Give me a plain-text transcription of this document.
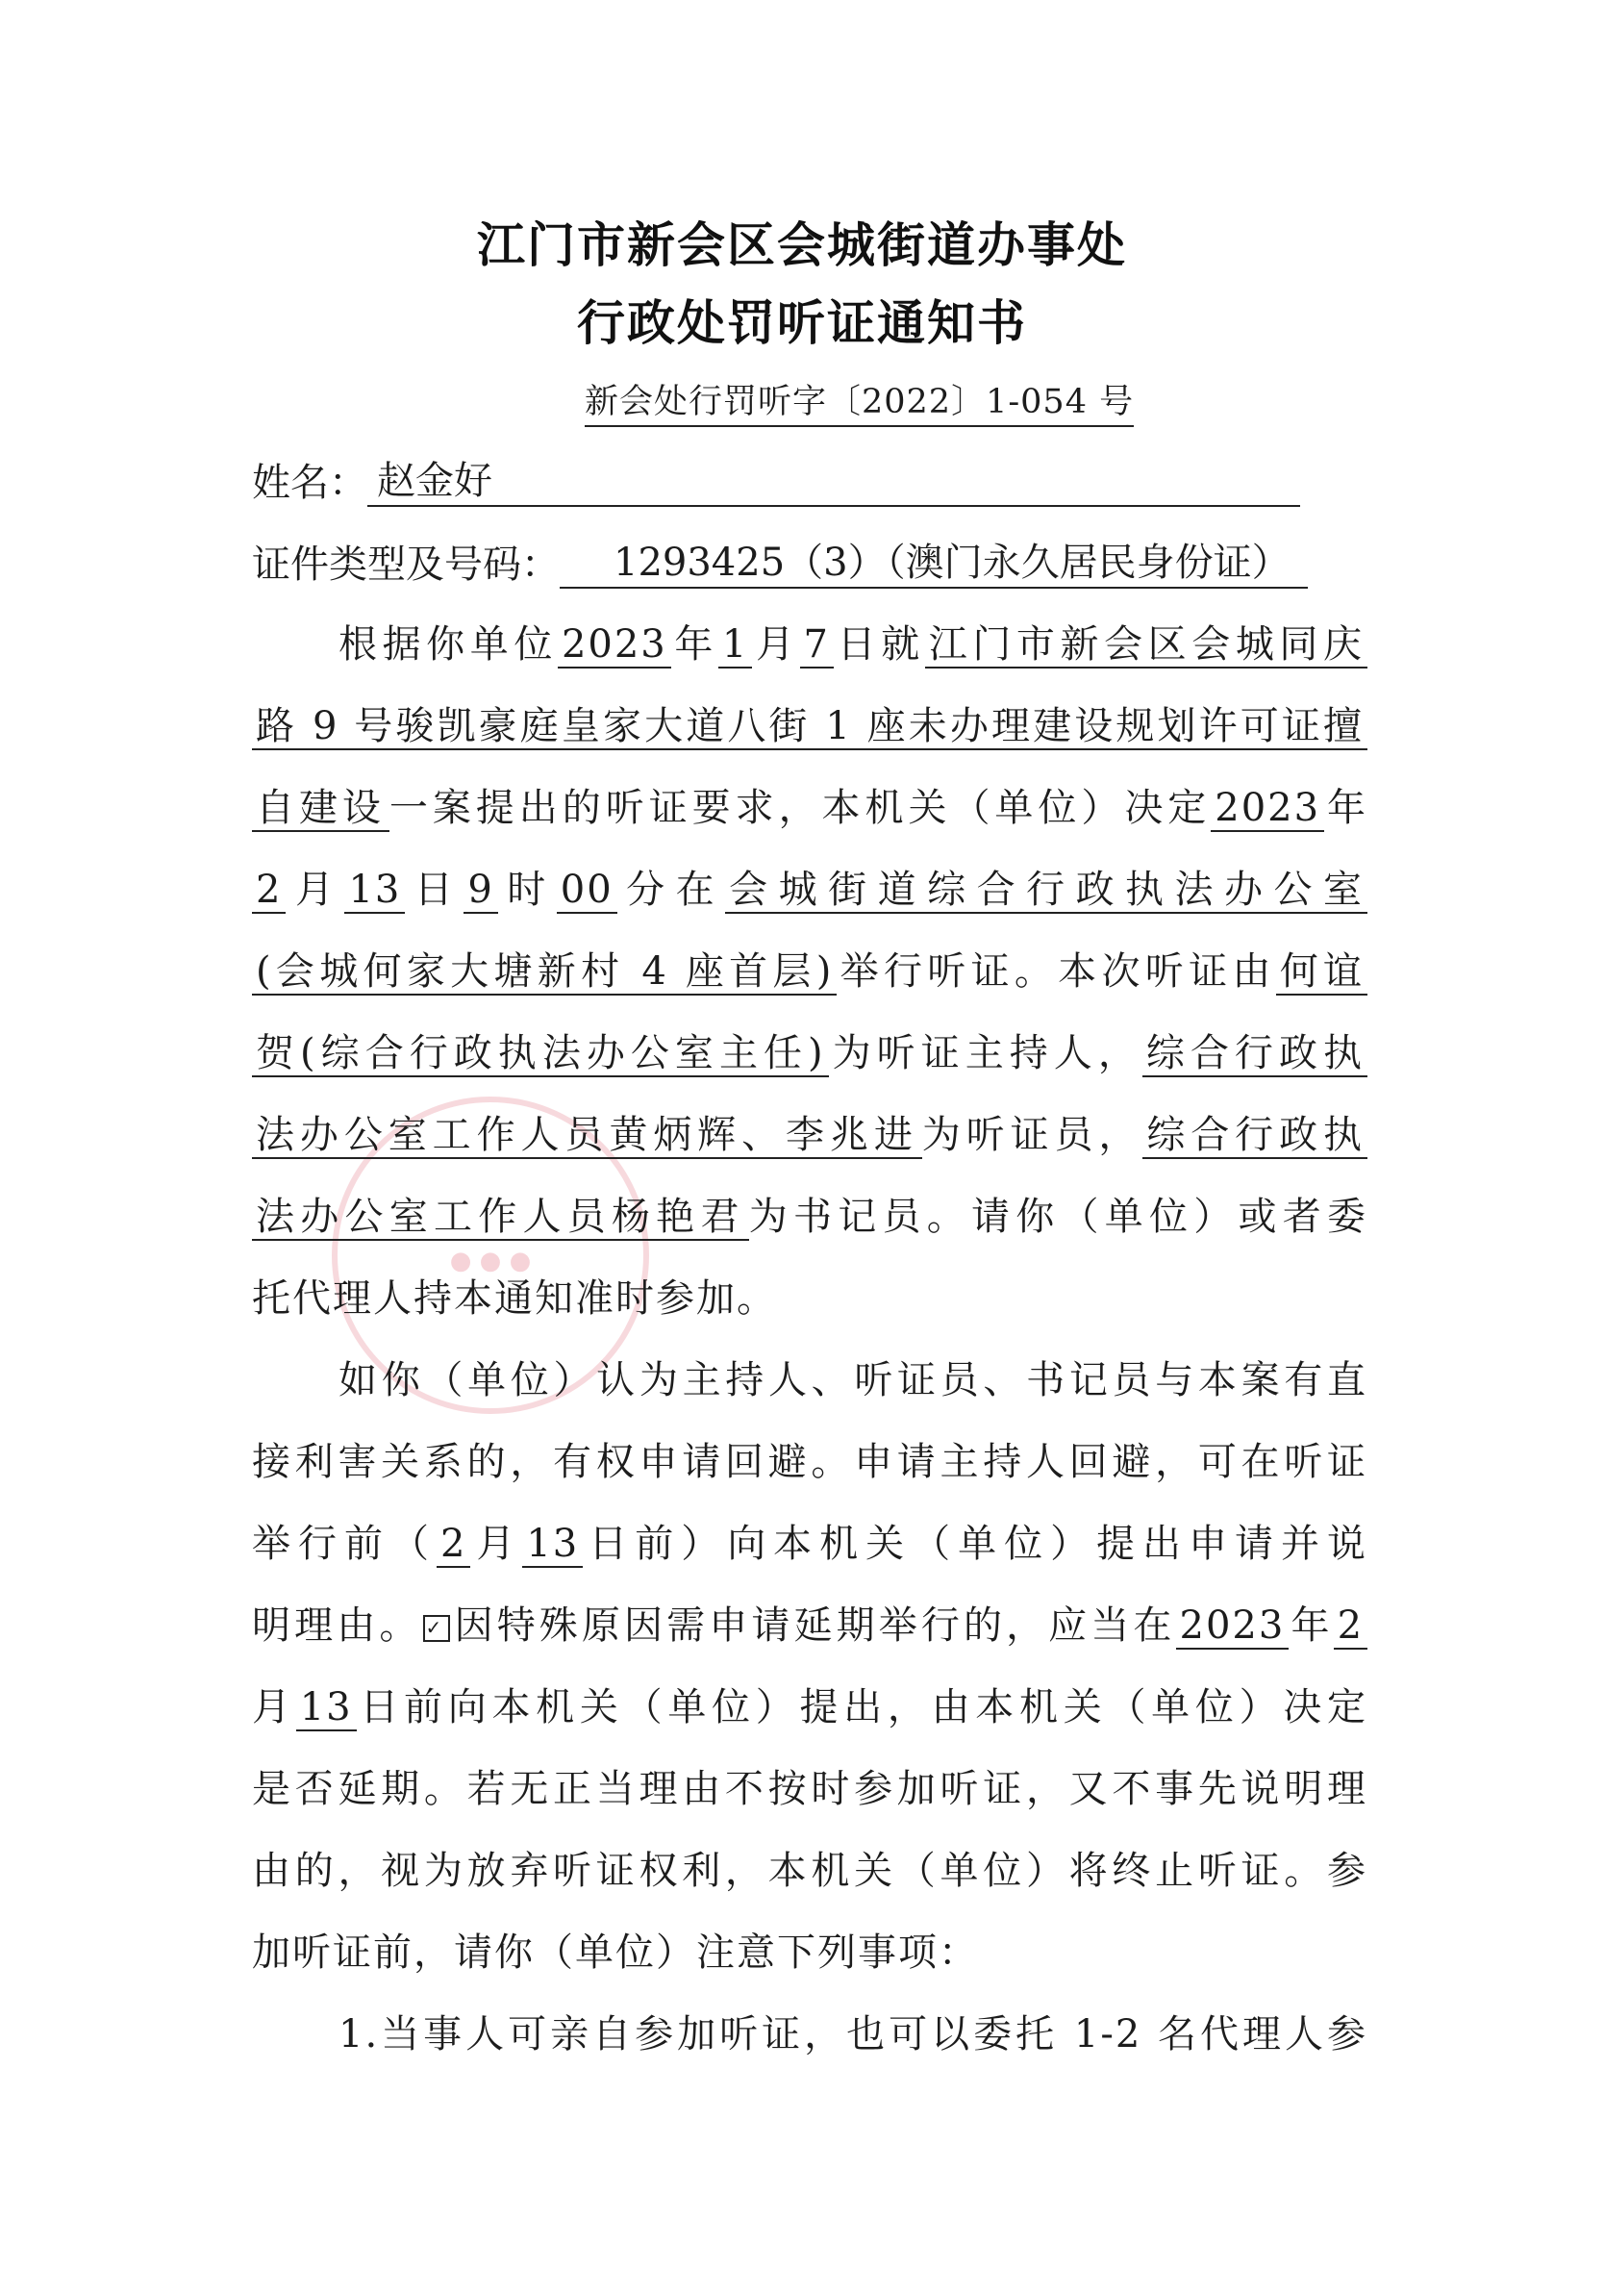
江门市新会区会城街道办事处
行政处罚听证通知书
新会处行罚听字〔2022〕1-054 号
姓名： 赵金好
证件类型及号码：	1293425（3）（澳门永久居民身份证）
● ● ●
根据你单位 2023 年 1 月 7 日就 江门市新会区会城同庆
路 9 号骏凯豪庭皇家大道八街 1 座未办理建设规划许可证擅
自建设 一案提出的听证要求，本机关（单位）决定 2023 年
2 月 13 日 9 时 00 分在 会城街道综合行政执法办公室
(会城何家大塘新村 4 座首层) 举行听证。本次听证由 何谊
贺(综合行政执法办公室主任) 为听证主持人， 综合行政执
法办公室工作人员黄炳辉、李兆进 为听证员， 综合行政执
法办公室工作人员杨艳君 为书记员。请你（单位）或者委
托代理人持本通知准时参加。
如你（单位）认为主持人、听证员、书记员与本案有直
接利害关系的，有权申请回避。申请主持人回避，可在听证
举行前（ 2 月 13 日前）向本机关（单位）提出申请并说
明理由。 ✓ 因特殊原因需申请延期举行的，应当在 2023 年 2
月 13 日前向本机关（单位）提出，由本机关（单位）决定
是否延期。若无正当理由不按时参加听证，又不事先说明理
由的，视为放弃听证权利，本机关（单位）将终止听证。参
加听证前，请你（单位）注意下列事项：
1.当事人可亲自参加听证，也可以委托 1-2 名代理人参
